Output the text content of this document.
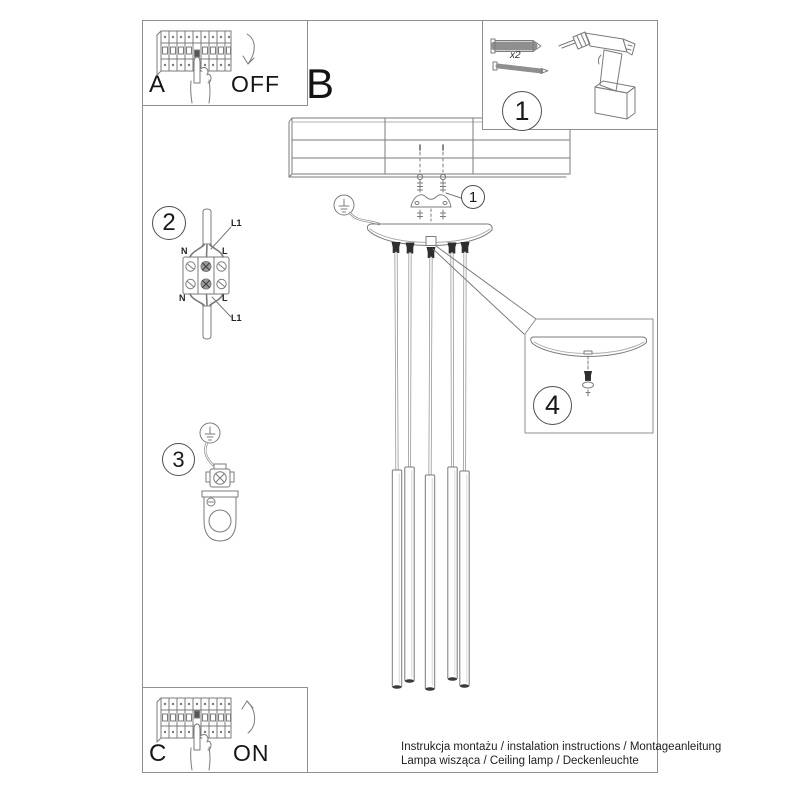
A	OFF B
x2
1
1
2	L1
N	L
N	L
L1
3
4
C	ON	Instrukcja montażu / instalation instructions / Montageanleitung
Lampa wisząca / Ceiling lamp / Deckenleuchte
